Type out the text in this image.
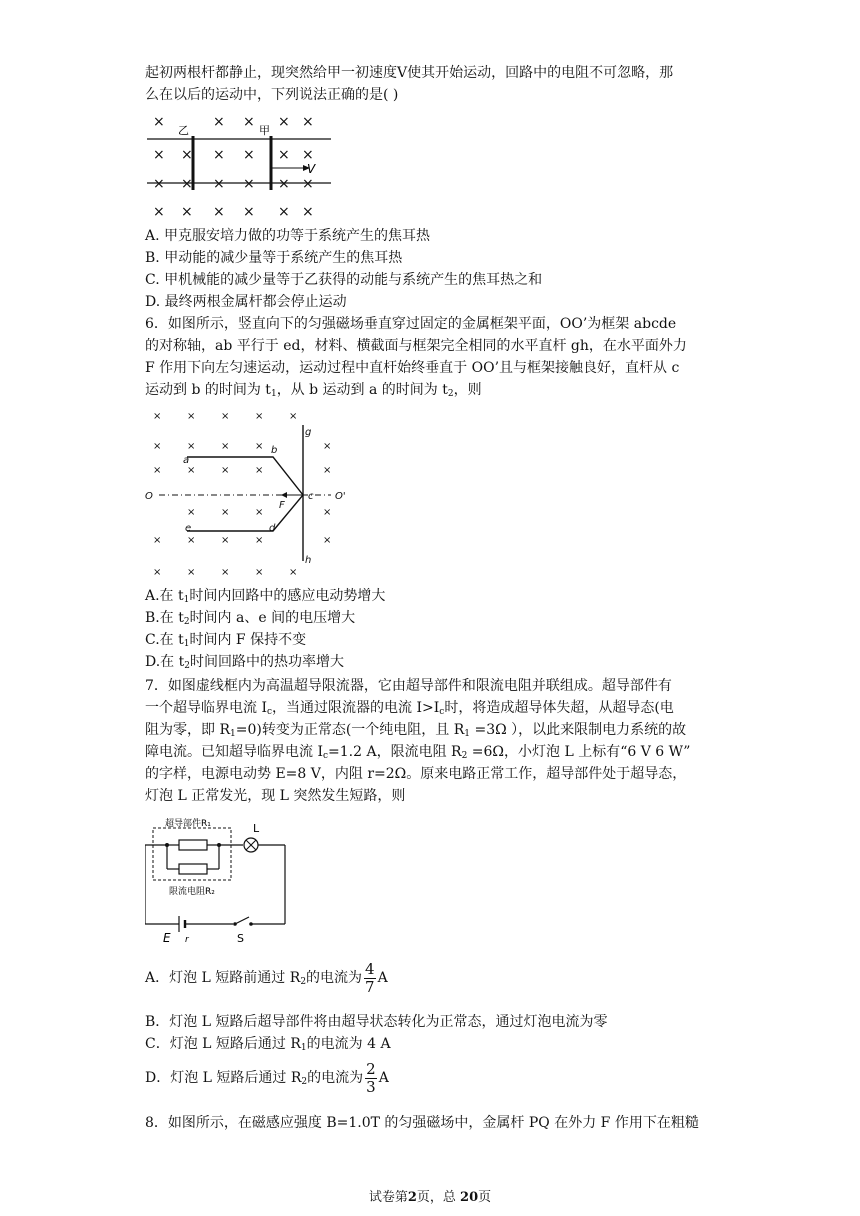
起初两根杆都静止，现突然给甲一初速度V使其开始运动，回路中的电阻不可忽略，那
么在以后的运动中，下列说法正确的是( )
×	× × × ×
× × × × × ×
× × × × × ×
× × × × × ×
乙	甲
V
A. 甲克服安培力做的功等于系统产生的焦耳热
B. 甲动能的减少量等于系统产生的焦耳热
C. 甲机械能的减少量等于乙获得的动能与系统产生的焦耳热之和
D. 最终两根金属杆都会停止运动
6．如图所示，竖直向下的匀强磁场垂直穿过固定的金属框架平面，OO’为框架 abcde
的对称轴，ab 平行于 ed，材料、横截面与框架完全相同的水平直杆 gh，在水平面外力
F 作用下向左匀速运动，运动过程中直杆始终垂直于 OO’且与框架接触良好，直杆从 c
运动到 b 的时间为 $t_1$，从 b 运动到 a 的时间为 $t_2$，则
×	×	×	×	×
×	×	×	×	×
×	×	×	×	×
×	×	×	×
×	×	×	×	×
×	×	×	×	×
g
a
b
O
F
c O'
e	d
h
A.在 $t_1$时间内回路中的感应电动势增大
B.在 $t_2$时间内 a、e 间的电压增大
C.在 $t_1$时间内 F 保持不变
D.在 $t_2$时间回路中的热功率增大
7．如图虚线框内为高温超导限流器，它由超导部件和限流电阻并联组成。超导部件有
一个超导临界电流 $I_c$，当通过限流器的电流 $I>I_c$时，将造成超导体失超，从超导态(电
阻为零，即 $R_1=0$)转变为正常态(一个纯电阻，且 $R_1 =3\Omega$ ），以此来限制电力系统的故
障电流。已知超导临界电流 $I_c=1.2$ A，限流电阻 $R_2 =6\Omega$，小灯泡 L 上标有“6 V 6 W”
的字样，电源电动势 E=8 V，内阻 r=2Ω。原来电路正常工作，超导部件处于超导态，
灯泡 L 正常发光，现 L 突然发生短路，则
超导部件R₁
限流电阻R₂
L
E r	S
A．灯泡 L 短路前通过 $R_2$的电流为 $\frac{4}{7}$ A
B．灯泡 L 短路后超导部件将由超导状态转化为正常态，通过灯泡电流为零
C．灯泡 L 短路后通过 $R_1$的电流为 4 A
D．灯泡 L 短路后通过 $R_2$的电流为 $\frac{2}{3}$ A
8．如图所示，在磁感应强度 B=1.0T 的匀强磁场中，金属杆 PQ 在外力 F 作用下在粗糙
试卷第2页，总 20页
